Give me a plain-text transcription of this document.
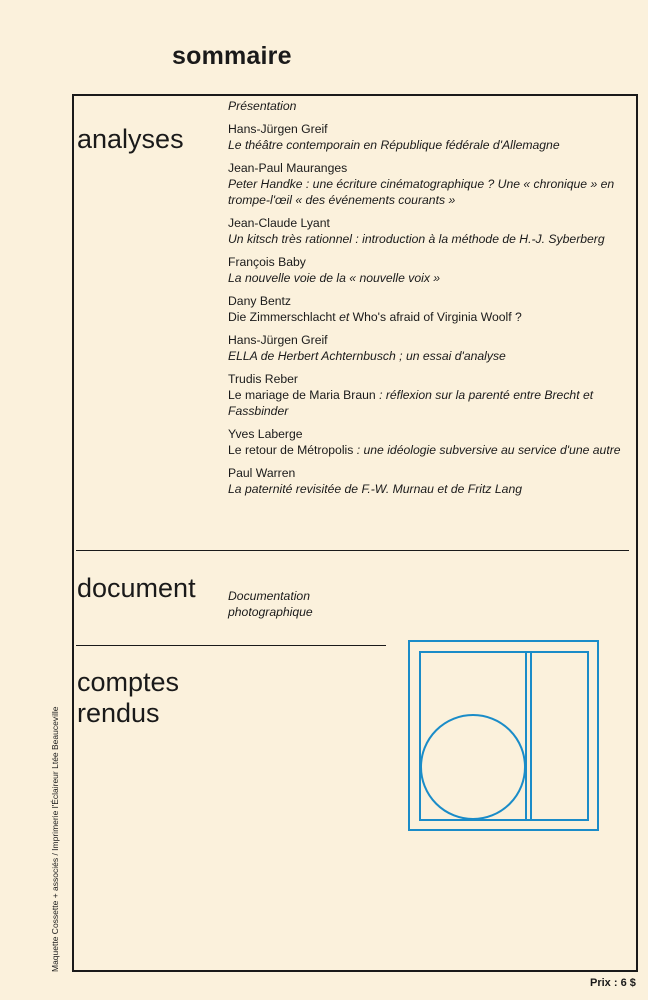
sommaire
analyses
Présentation
Hans-Jürgen Greif
Le théâtre contemporain en République fédérale d'Allemagne
Jean-Paul Mauranges
Peter Handke : une écriture cinématographique ? Une « chronique » en trompe-l'œil « des événements courants »
Jean-Claude Lyant
Un kitsch très rationnel : introduction à la méthode de H.-J. Syberberg
François Baby
La nouvelle voie de la « nouvelle voix »
Dany Bentz
Die Zimmerschlacht et Who's afraid of Virginia Woolf ?
Hans-Jürgen Greif
ELLA de Herbert Achternbusch ; un essai d'analyse
Trudis Reber
Le mariage de Maria Braun : réflexion sur la parenté entre Brecht et Fassbinder
Yves Laberge
Le retour de Métropolis : une idéologie subversive au service d'une autre
Paul Warren
La paternité revisitée de F.-W. Murnau et de Fritz Lang
document	Documentation
photographique
comptes
rendus
Maquette Cossette + associés / Imprimerie l'Éclaireur Ltée Beauceville
Prix : 6 $
